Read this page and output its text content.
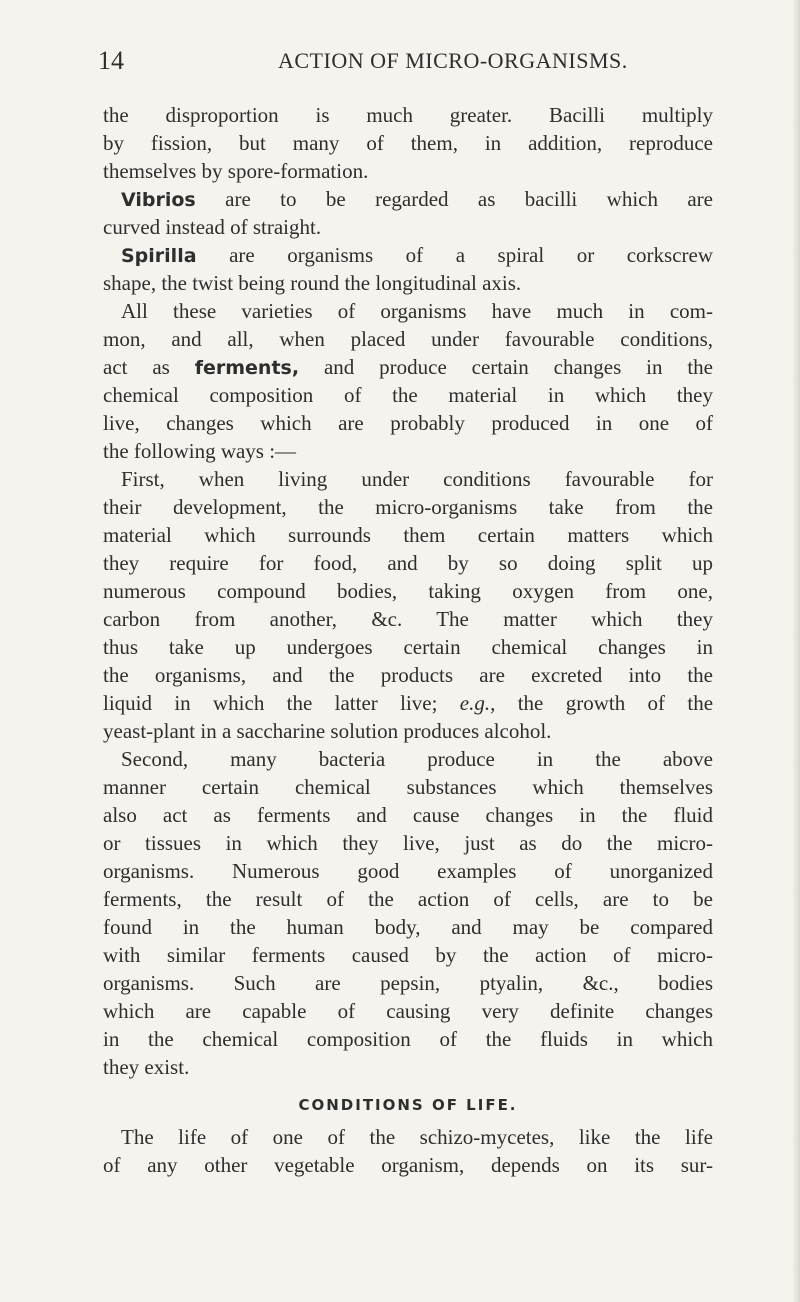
14	ACTION OF MICRO-ORGANISMS.
the disproportion is much greater. Bacilli multiply
by fission, but many of them, in addition, reproduce
themselves by spore-formation.
Vibrios are to be regarded as bacilli which are
curved instead of straight.
Spirilla are organisms of a spiral or corkscrew
shape, the twist being round the longitudinal axis.
All these varieties of organisms have much in com-
mon, and all, when placed under favourable conditions,
act as ferments, and produce certain changes in the
chemical composition of the material in which they
live, changes which are probably produced in one of
the following ways :—
First, when living under conditions favourable for
their development, the micro-organisms take from the
material which surrounds them certain matters which
they require for food, and by so doing split up
numerous compound bodies, taking oxygen from one,
carbon from another, &c. The matter which they
thus take up undergoes certain chemical changes in
the organisms, and the products are excreted into the
liquid in which the latter live; e.g., the growth of the
yeast-plant in a saccharine solution produces alcohol.
Second, many bacteria produce in the above
manner certain chemical substances which themselves
also act as ferments and cause changes in the fluid
or tissues in which they live, just as do the micro-
organisms. Numerous good examples of unorganized
ferments, the result of the action of cells, are to be
found in the human body, and may be compared
with similar ferments caused by the action of micro-
organisms. Such are pepsin, ptyalin, &c., bodies
which are capable of causing very definite changes
in the chemical composition of the fluids in which
they exist.
CONDITIONS OF LIFE.
The life of one of the schizo-mycetes, like the life
of any other vegetable organism, depends on its sur-
